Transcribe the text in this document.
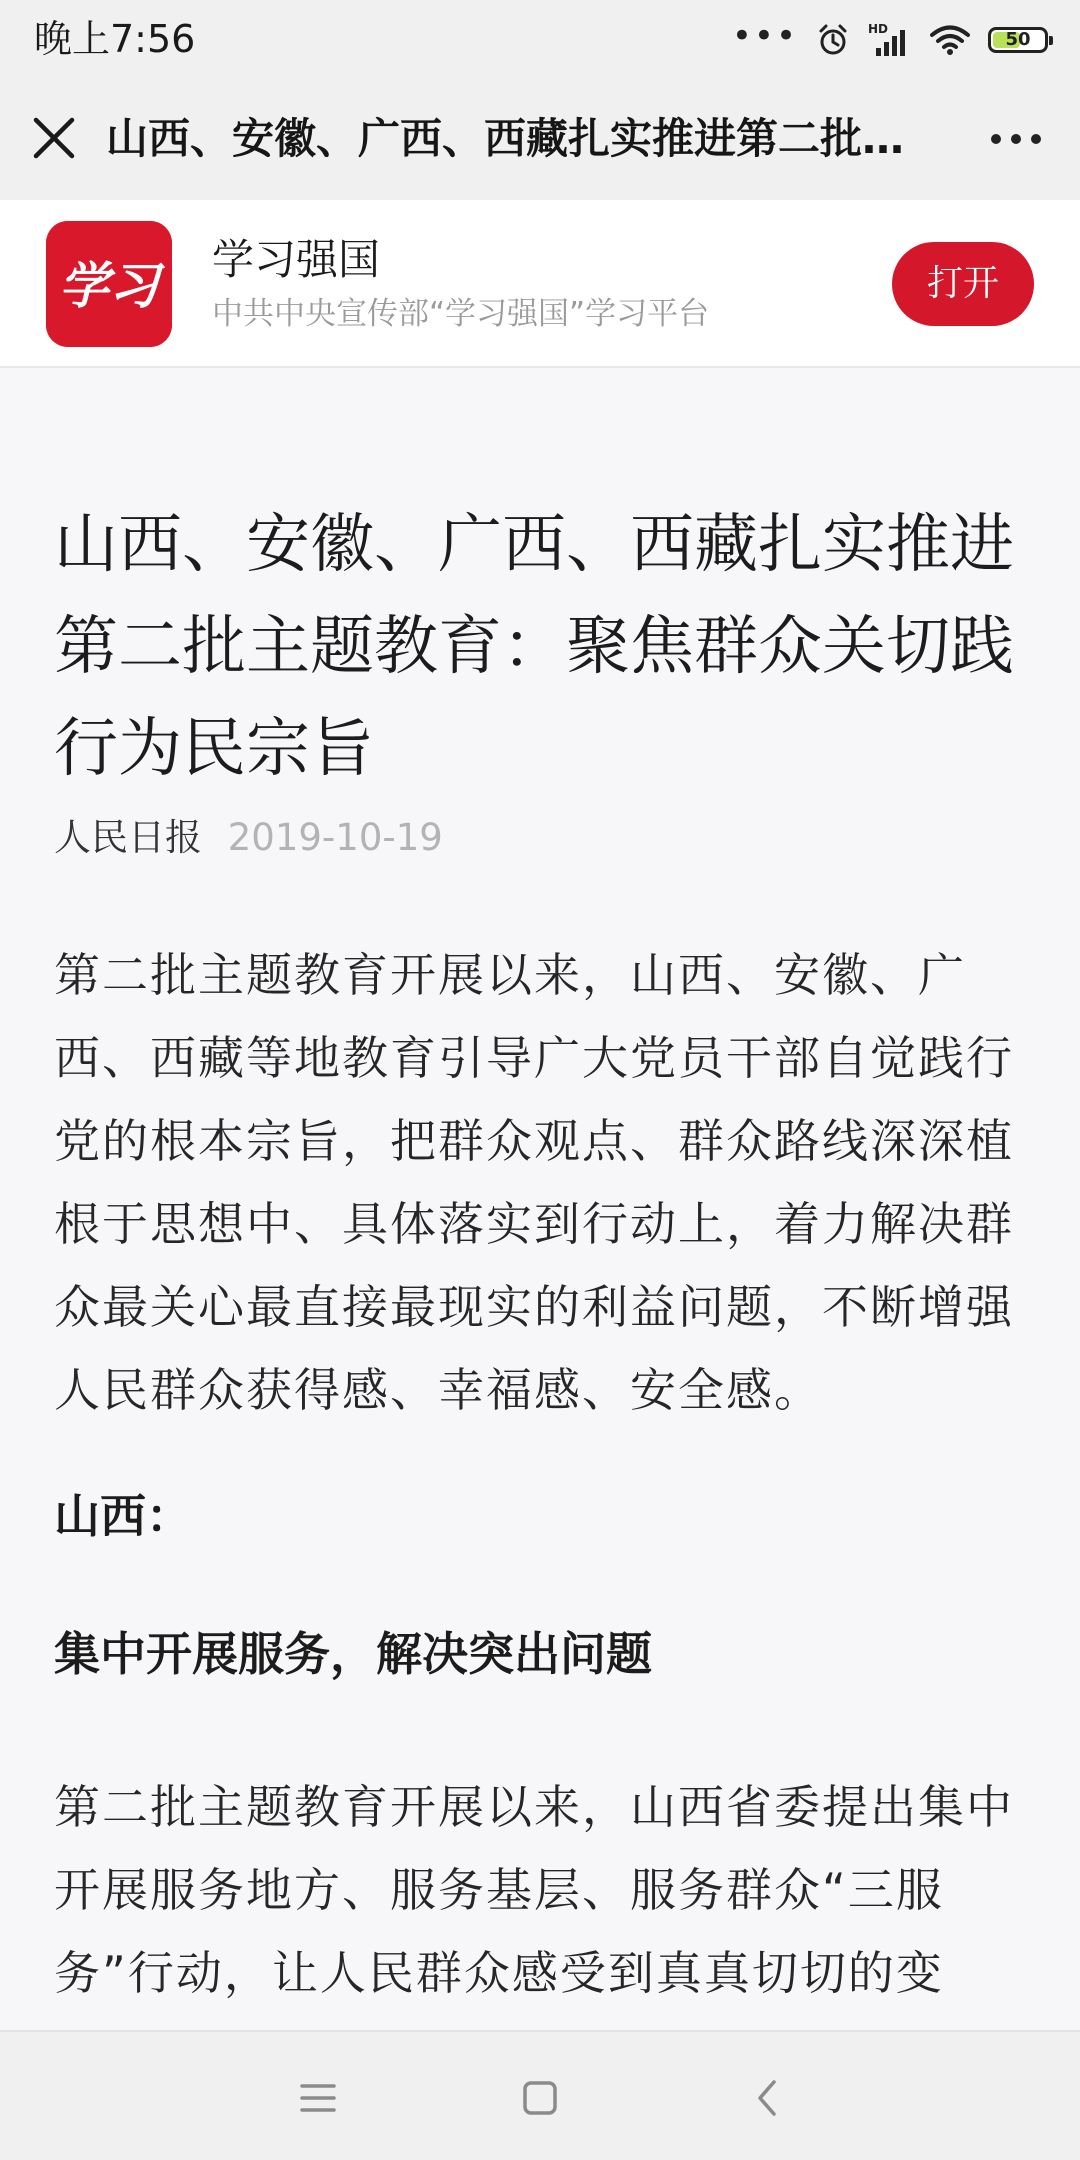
晚上7:56	•••	HD	50
山西、安徽、广西、西藏扎实推进第二批…
学习 学习强国
中共中央宣传部“学习强国”学习平台
打开
山西、安徽、广西、西藏扎实推进第二批主题教育：聚焦群众关切践行为民宗旨
人民日报 2019-10-19

第二批主题教育开展以来，山西、安徽、广西、西藏等地教育引导广大党员干部自觉践行党的根本宗旨，把群众观点、群众路线深深植根于思想中、具体落实到行动上，着力解决群众最关心最直接最现实的利益问题，不断增强人民群众获得感、幸福感、安全感。

山西：
集中开展服务，解决突出问题

第二批主题教育开展以来，山西省委提出集中开展服务地方、服务基层、服务群众“三服务”行动，让人民群众感受到真真切切的变
